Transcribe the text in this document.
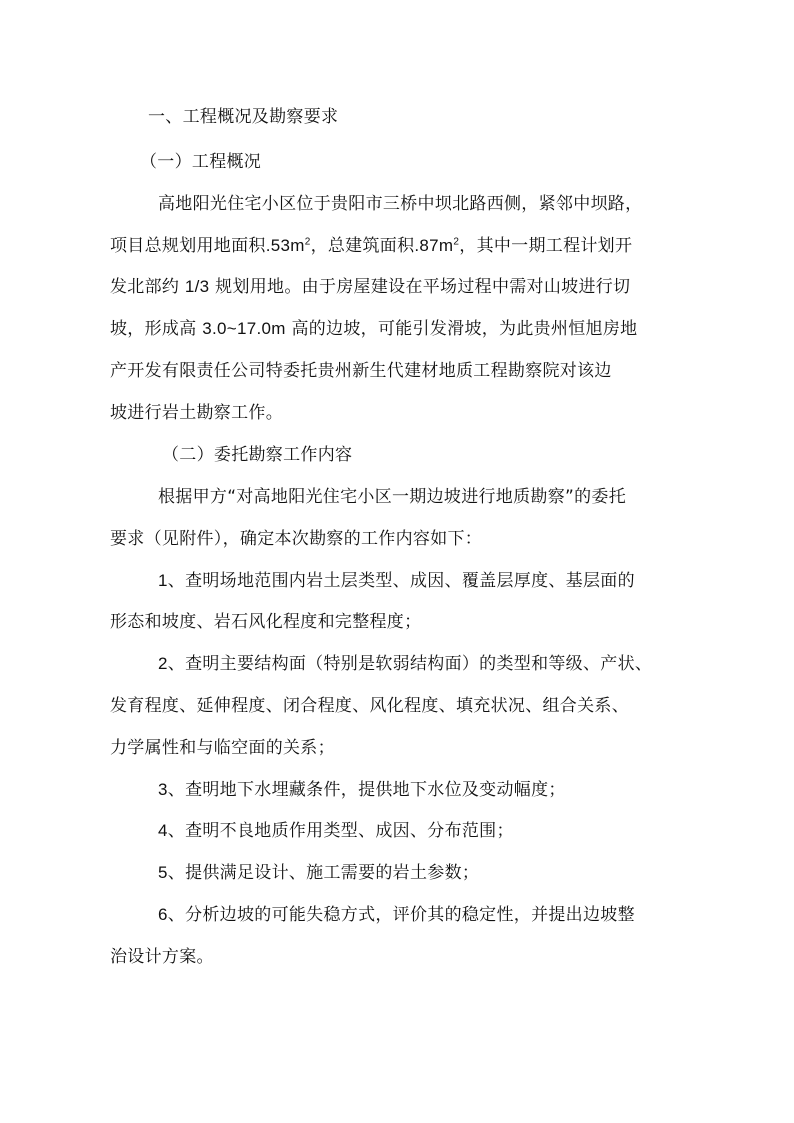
一、工程概况及勘察要求
（一）工程概况
高地阳光住宅小区位于贵阳市三桥中坝北路西侧，紧邻中坝路，
项目总规划用地面积$.53m^2$，总建筑面积$.87m^2$，其中一期工程计划开
发北部约 1/3 规划用地。由于房屋建设在平场过程中需对山坡进行切
坡，形成高 3.0~17.0m 高的边坡，可能引发滑坡，为此贵州恒旭房地
产开发有限责任公司特委托贵州新生代建材地质工程勘察院对该边
坡进行岩土勘察工作。
（二）委托勘察工作内容
根据甲方“对高地阳光住宅小区一期边坡进行地质勘察”的委托
要求（见附件），确定本次勘察的工作内容如下：
1、查明场地范围内岩土层类型、成因、覆盖层厚度、基层面的
形态和坡度、岩石风化程度和完整程度；
2、查明主要结构面（特别是软弱结构面）的类型和等级、产状、
发育程度、延伸程度、闭合程度、风化程度、填充状况、组合关系、
力学属性和与临空面的关系；
3、查明地下水埋藏条件，提供地下水位及变动幅度；
4、查明不良地质作用类型、成因、分布范围；
5、提供满足设计、施工需要的岩土参数；
6、分析边坡的可能失稳方式，评价其的稳定性，并提出边坡整
治设计方案。
